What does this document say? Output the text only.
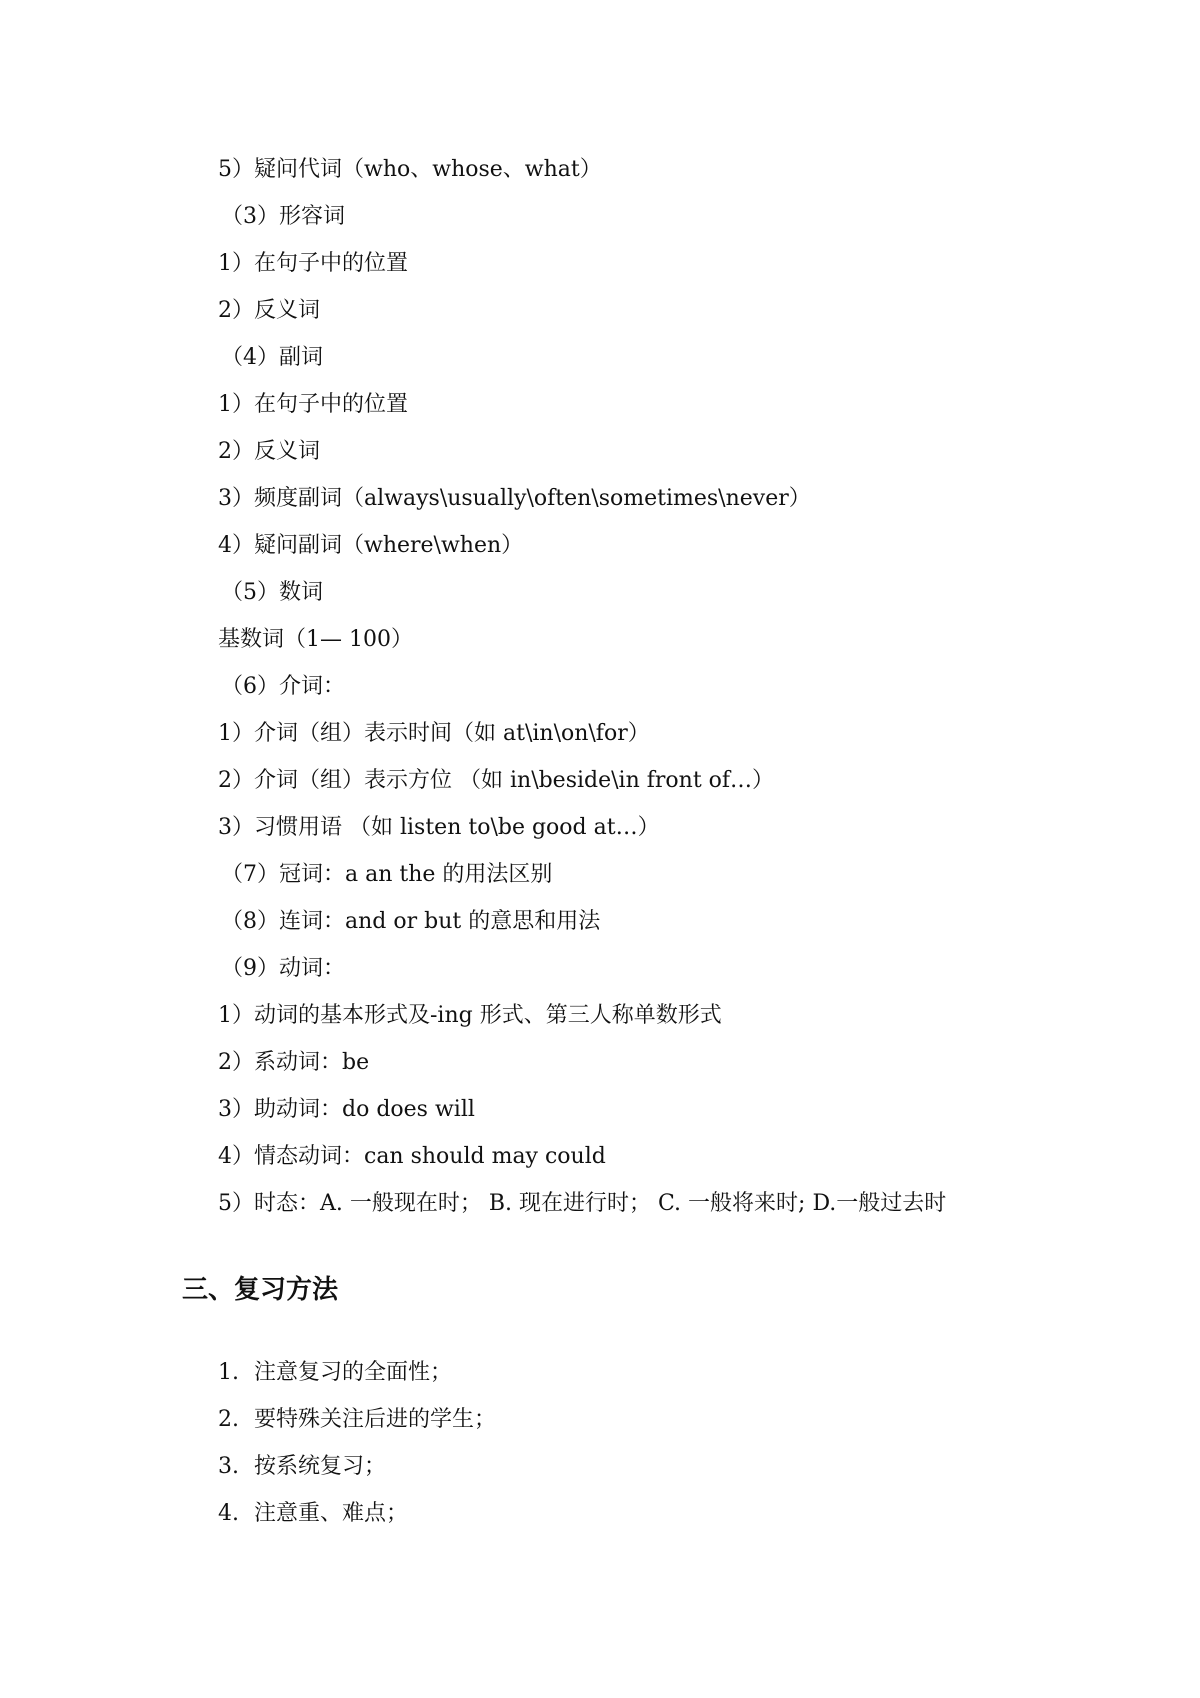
5）疑问代词（who、whose、what）
（3）形容词
1）在句子中的位置
2）反义词
（4）副词
1）在句子中的位置
2）反义词
3）频度副词（always\usually\often\sometimes\never）
4）疑问副词（where\when）
（5）数词
基数词（1— 100）
（6）介词：
1）介词（组）表示时间（如 at\in\on\for）
2）介词（组）表示方位 （如 in\beside\in front of…）
3）习惯用语 （如 listen to\be good at…）
（7）冠词：a an the 的用法区别
（8）连词：and or but 的意思和用法
（9）动词：
1）动词的基本形式及-ing 形式、第三人称单数形式
2）系动词：be
3）助动词：do does will
4）情态动词：can should may could
5）时态：A. 一般现在时； B. 现在进行时； C. 一般将来时; D.一般过去时
三、复习方法
1. 注意复习的全面性；
2. 要特殊关注后进的学生；
3. 按系统复习；
4. 注意重、难点；
